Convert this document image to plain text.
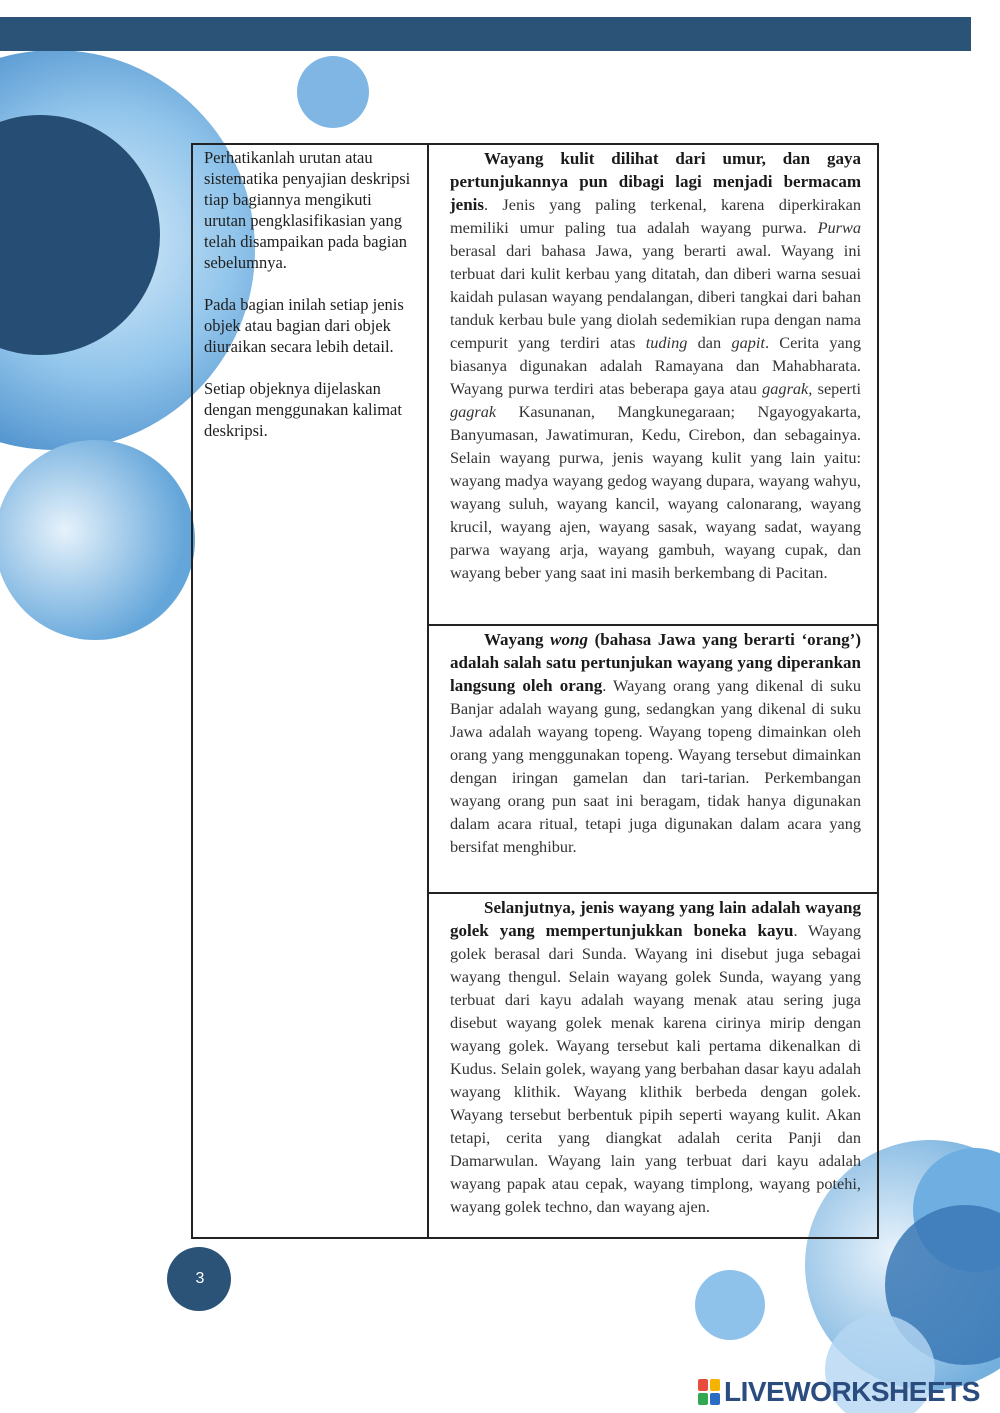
Perhatikanlah urutan atau sistematika penyajian deskripsi tiap bagiannya mengikuti urutan pengklasifikasian yang telah disampaikan pada bagian sebelumnya.

Pada bagian inilah setiap jenis objek atau bagian dari objek diuraikan secara lebih detail.

Setiap objeknya dijelaskan dengan menggunakan kalimat deskripsi.

Wayang kulit dilihat dari umur, dan gaya pertunjukannya pun dibagi lagi menjadi bermacam jenis. Jenis yang paling terkenal, karena diperkirakan memiliki umur paling tua adalah wayang purwa. Purwa berasal dari bahasa Jawa, yang berarti awal. Wayang ini terbuat dari kulit kerbau yang ditatah, dan diberi warna sesuai kaidah pulasan wayang pendalangan, diberi tangkai dari bahan tanduk kerbau bule yang diolah sedemikian rupa dengan nama cempurit yang terdiri atas tuding dan gapit. Cerita yang biasanya digunakan adalah Ramayana dan Mahabharata. Wayang purwa terdiri atas beberapa gaya atau gagrak, seperti gagrak Kasunanan, Mangkunegaraan; Ngayogyakarta, Banyumasan, Jawatimuran, Kedu, Cirebon, dan sebagainya. Selain wayang purwa, jenis wayang kulit yang lain yaitu: wayang madya wayang gedog wayang dupara, wayang wahyu, wayang suluh, wayang kancil, wayang calonarang, wayang krucil, wayang ajen, wayang sasak, wayang sadat, wayang parwa wayang arja, wayang gambuh, wayang cupak, dan wayang beber yang saat ini masih berkembang di Pacitan.

Wayang wong (bahasa Jawa yang berarti ‘orang’) adalah salah satu pertunjukan wayang yang diperankan langsung oleh orang. Wayang orang yang dikenal di suku Banjar adalah wayang gung, sedangkan yang dikenal di suku Jawa adalah wayang topeng. Wayang topeng dimainkan oleh orang yang menggunakan topeng. Wayang tersebut dimainkan dengan iringan gamelan dan tari-tarian. Perkembangan wayang orang pun saat ini beragam, tidak hanya digunakan dalam acara ritual, tetapi juga digunakan dalam acara yang bersifat menghibur.

Selanjutnya, jenis wayang yang lain adalah wayang golek yang mempertunjukkan boneka kayu. Wayang golek berasal dari Sunda. Wayang ini disebut juga sebagai wayang thengul. Selain wayang golek Sunda, wayang yang terbuat dari kayu adalah wayang menak atau sering juga disebut wayang golek menak karena cirinya mirip dengan wayang golek. Wayang tersebut kali pertama dikenalkan di Kudus. Selain golek, wayang yang berbahan dasar kayu adalah wayang klithik. Wayang klithik berbeda dengan golek. Wayang tersebut berbentuk pipih seperti wayang kulit. Akan tetapi, cerita yang diangkat adalah cerita Panji dan Damarwulan. Wayang lain yang terbuat dari kayu adalah wayang papak atau cepak, wayang timplong, wayang potehi, wayang golek techno, dan wayang ajen.

3
LIVEWORKSHEETS
